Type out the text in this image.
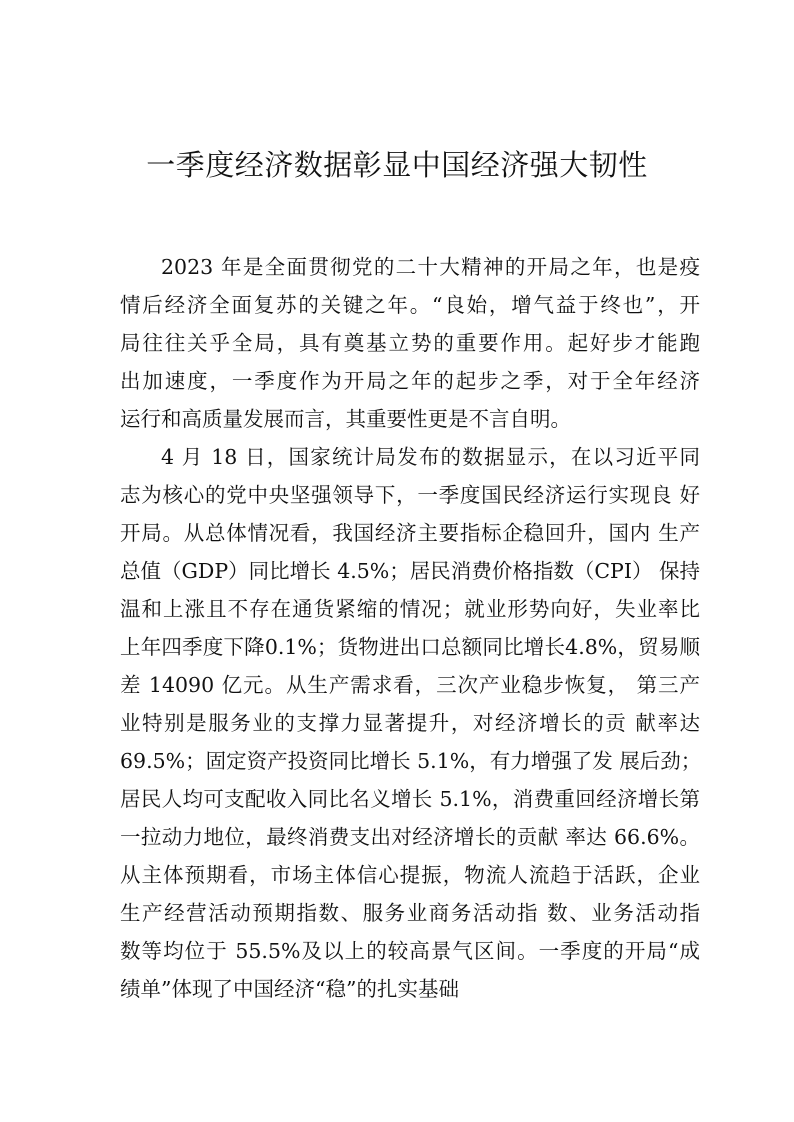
一季度经济数据彰显中国经济强大韧性
2023 年是全面贯彻党的二十大精神的开局之年，也是疫
情后经济全面复苏的关键之年。“良始，增气益于终也”，开
局往往关乎全局，具有奠基立势的重要作用。起好步才能跑
出加速度，一季度作为开局之年的起步之季，对于全年经济
运行和高质量发展而言，其重要性更是不言自明。
4 月 18 日，国家统计局发布的数据显示，在以习近平同
志为核心的党中央坚强领导下，一季度国民经济运行实现良 好
开局。从总体情况看，我国经济主要指标企稳回升，国内 生产
总值（GDP）同比增长 4.5%；居民消费价格指数（CPI） 保持
温和上涨且不存在通货紧缩的情况；就业形势向好，失业率比
上年四季度下降0.1%；货物进出口总额同比增长4.8%，贸易顺
差 14090 亿元。从生产需求看，三次产业稳步恢复， 第三产
业特别是服务业的支撑力显著提升，对经济增长的贡 献率达
69.5%；固定资产投资同比增长 5.1%，有力增强了发 展后劲；
居民人均可支配收入同比名义增长 5.1%，消费重回经济增长第
一拉动力地位，最终消费支出对经济增长的贡献 率达 66.6%。
从主体预期看，市场主体信心提振，物流人流趋于活跃，企业
生产经营活动预期指数、服务业商务活动指 数、业务活动指
数等均位于 55.5%及以上的较高景气区间。一季度的开局“成
绩单”体现了中国经济“稳”的扎实基础
